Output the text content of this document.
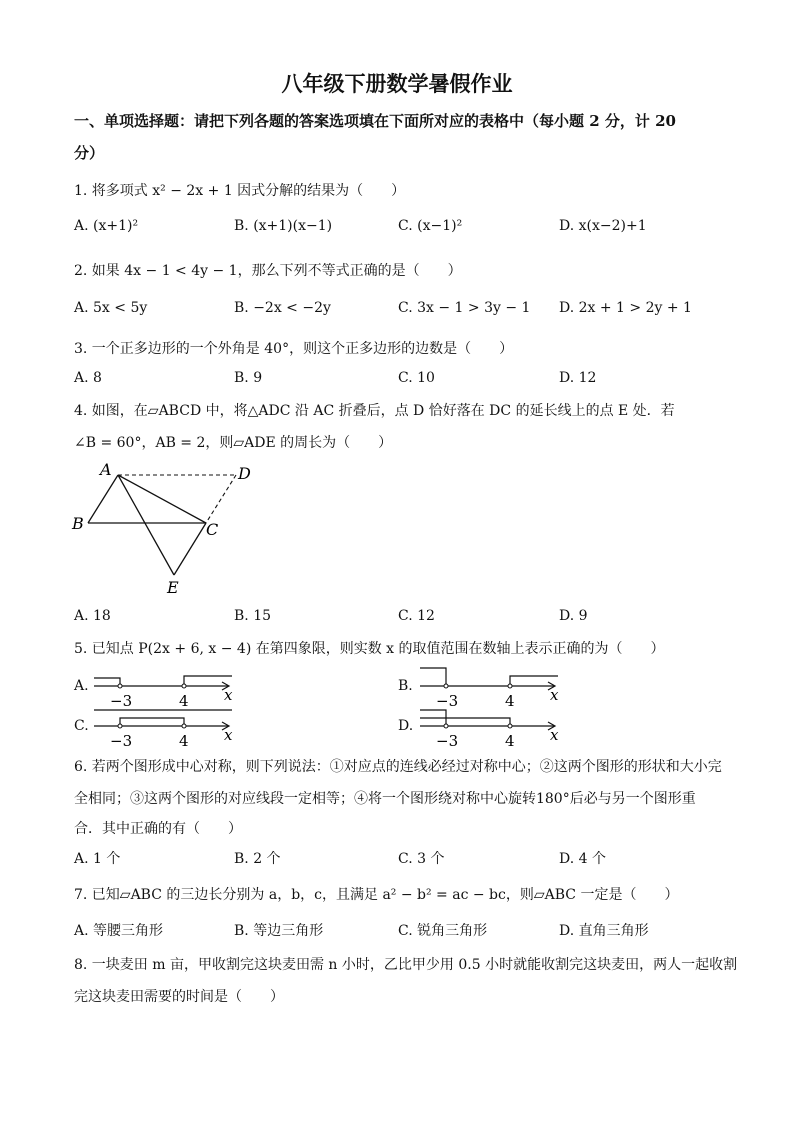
八年级下册数学暑假作业
一、单项选择题：请把下列各题的答案选项填在下面所对应的表格中（每小题 2 分，计 20
分）
1. 将多项式 x² − 2x + 1 因式分解的结果为（　　）
A. (x+1)²	B. (x+1)(x−1)	C. (x−1)²	D. x(x−2)+1
2. 如果 4x − 1 < 4y − 1，那么下列不等式正确的是（　　）
A. 5x < 5y	B. −2x < −2y	C. 3x − 1 > 3y − 1 D. 2x + 1 > 2y + 1
3. 一个正多边形的一个外角是 40°，则这个正多边形的边数是（　　）
A. 8	B. 9	C. 10	D. 12
4. 如图，在▱ABCD 中，将△ADC 沿 AC 折叠后，点 D 恰好落在 DC 的延长线上的点 E 处．若
∠B = 60°，AB = 2，则▱ADE 的周长为（　　）
A
B	C
D
E
A. 18	B. 15	C. 12	D. 9
5. 已知点 P(2x + 6, x − 4) 在第四象限，则实数 x 的取值范围在数轴上表示正确的为（　　）
A.
−3	4 x	B.
−3	4 x
C.
−3	4 x	D.
−3	4 x
6. 若两个图形成中心对称，则下列说法：①对应点的连线必经过对称中心；②这两个图形的形状和大小完
全相同；③这两个图形的对应线段一定相等；④将一个图形绕对称中心旋转180°后必与另一个图形重
合．其中正确的有（　　）
A. 1 个	B. 2 个	C. 3 个	D. 4 个
7. 已知▱ABC 的三边长分别为 a，b，c，且满足 a² − b² = ac − bc，则▱ABC 一定是（　　）
A. 等腰三角形	B. 等边三角形	C. 锐角三角形	D. 直角三角形
8. 一块麦田 m 亩，甲收割完这块麦田需 n 小时，乙比甲少用 0.5 小时就能收割完这块麦田，两人一起收割
完这块麦田需要的时间是（　　）
